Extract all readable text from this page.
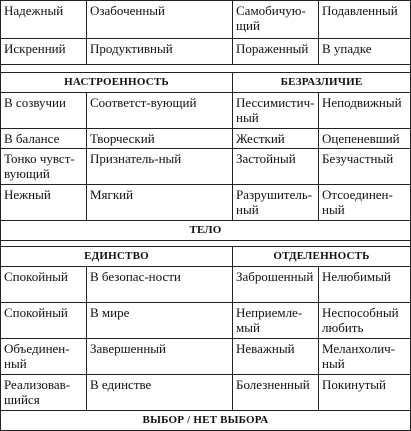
Надежный	Озабоченный	Самобичую-щий	Подавленный
Искренний	Продуктивный	Пораженный	В упадке

НАСТРОЕННОСТЬ		БЕЗРАЗЛИЧИЕ	
В созвучии	Соответст-вующий	Пессимистич-ный	Неподвижный
В балансе	Творческий	Жесткий	Оцепеневший
Тонко чувст-вующий	Признатель-ный	Застойный	Безучастный
Нежный	Мягкий	Разрушитель-ный	Отсоединен-ный
ТЕЛО			

ЕДИНСТВО		ОТДЕЛЕННОСТЬ	
Спокойный	В безопас-ности	Заброшенный	Нелюбимый
Спокойный	В мире	Неприемле-мый	Неспособный любить
Объединен-ный	Завершенный	Неважный	Меланхолич-ный
Реализовав-шийся	В единстве	Болезненный	Покинутый
ВЫБОР / НЕТ ВЫБОРА			
